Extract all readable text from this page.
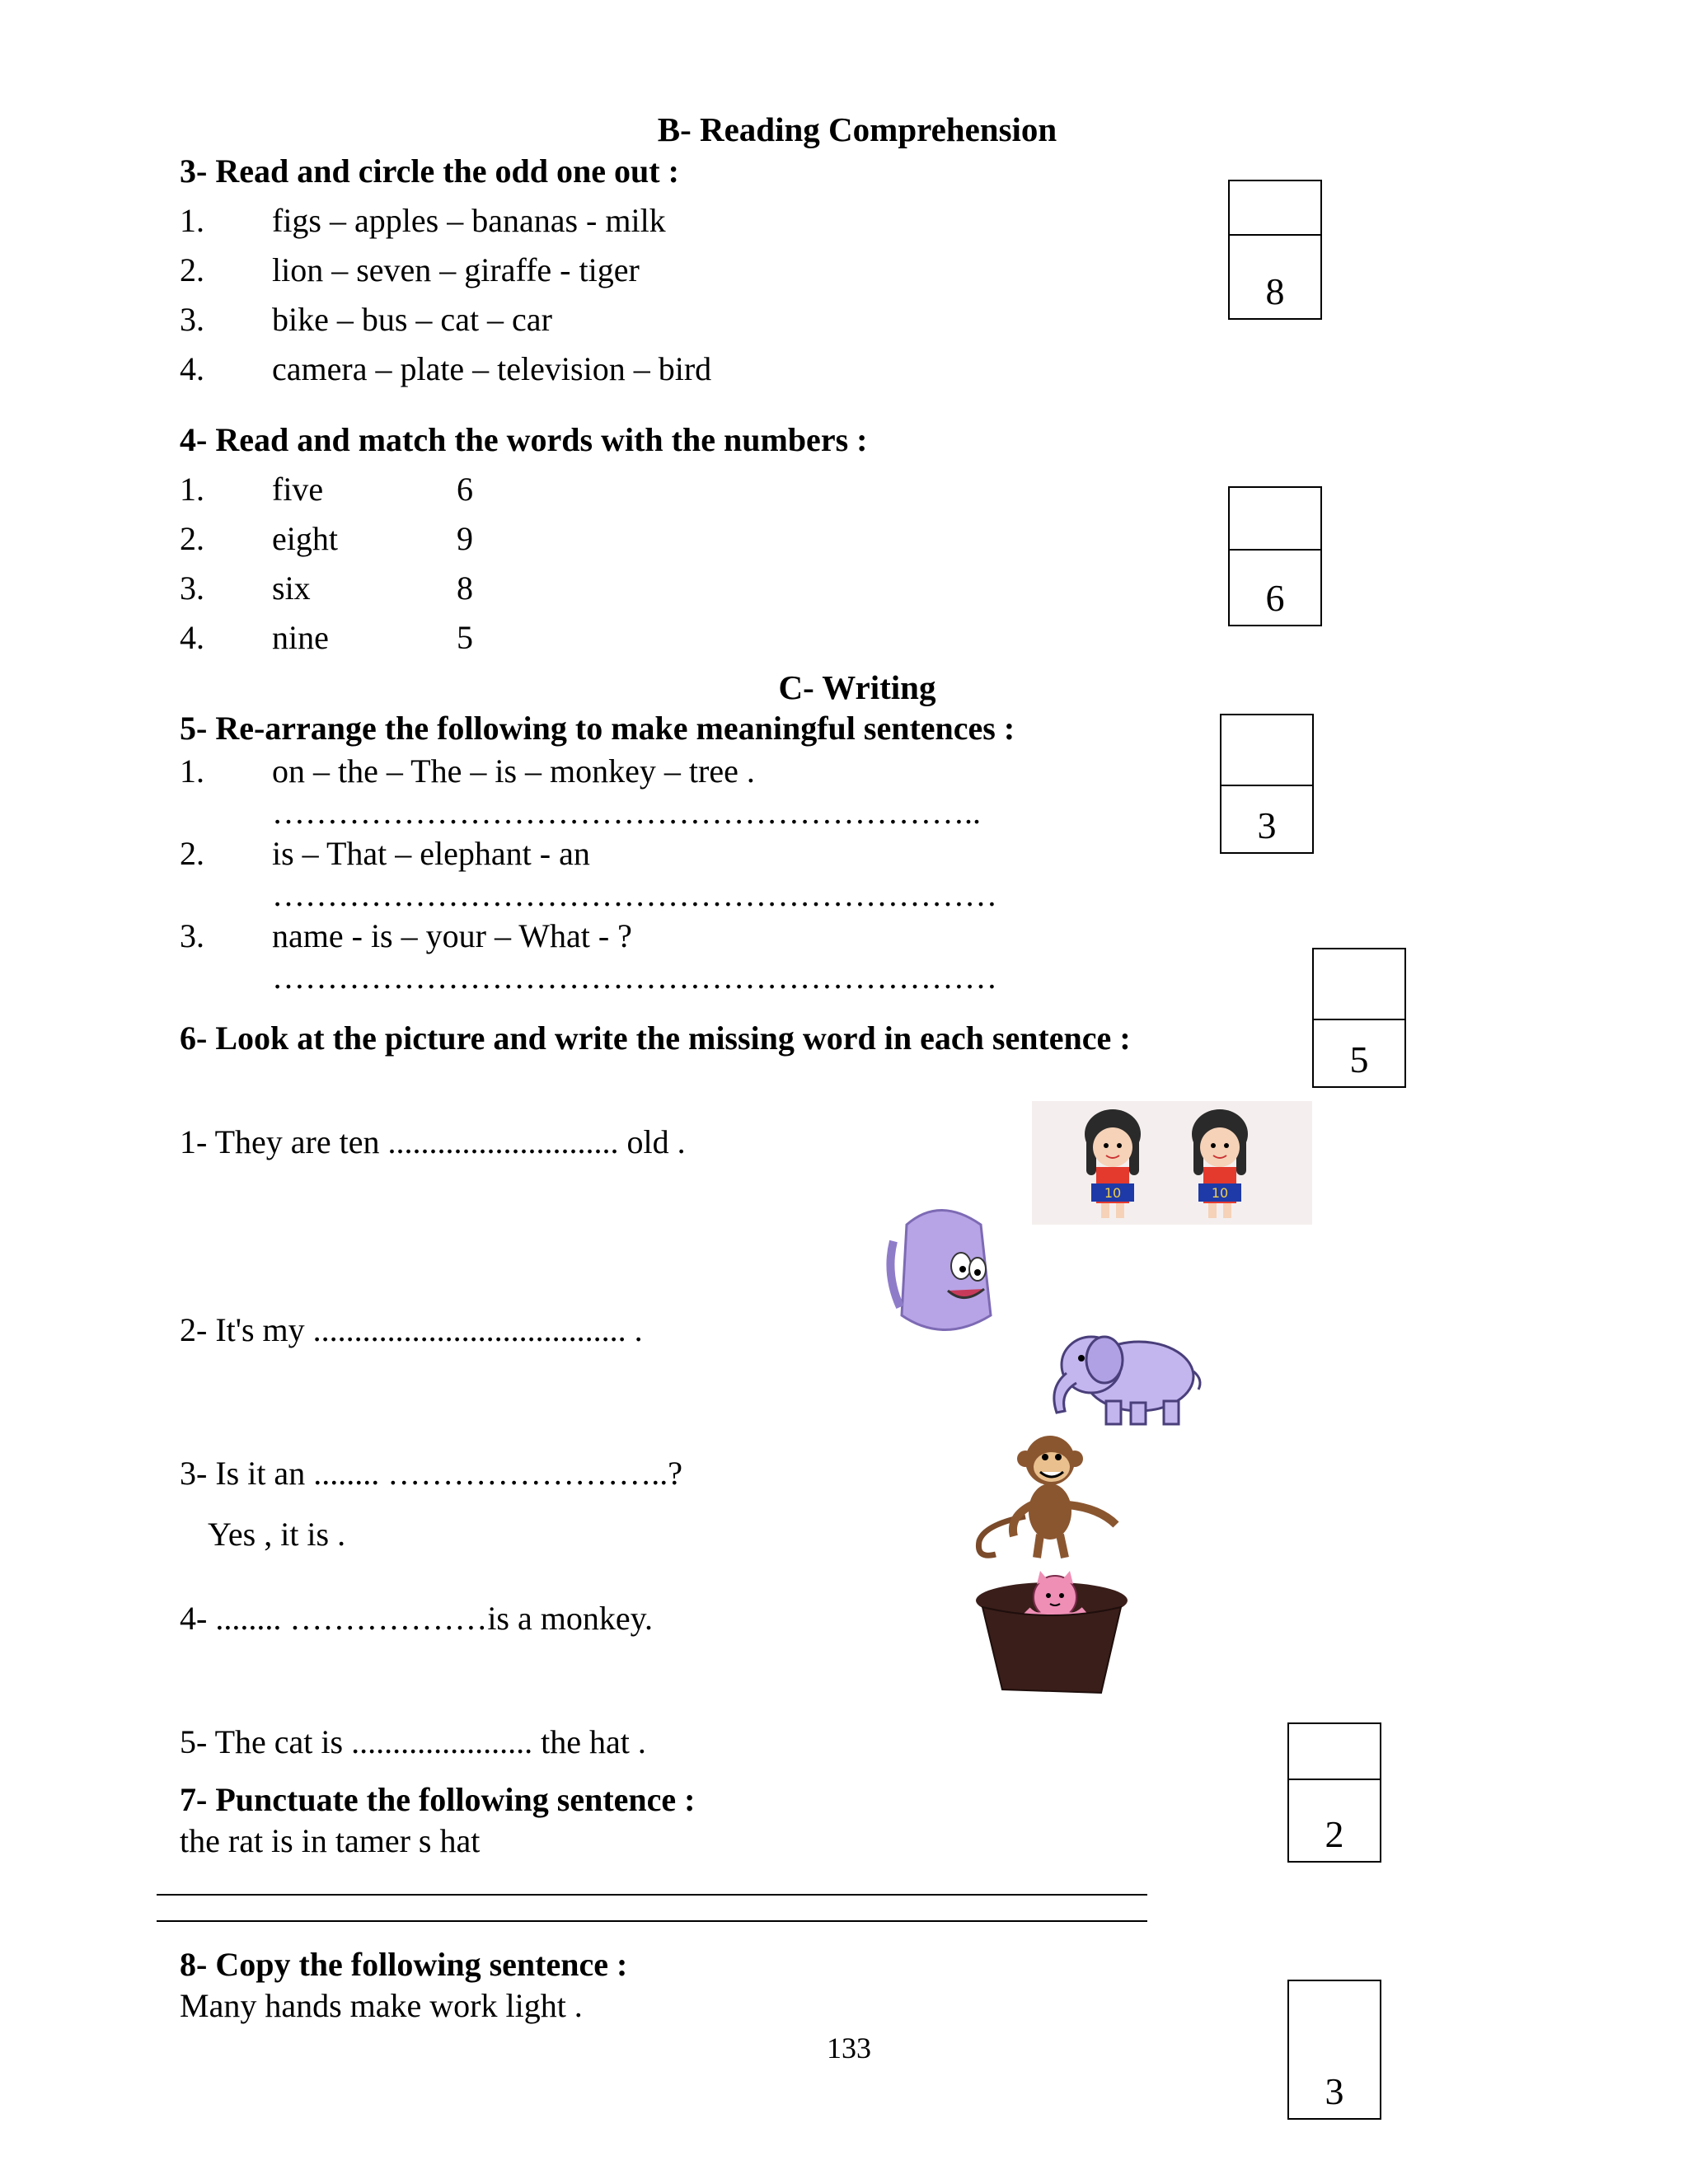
B- Reading Comprehension
3- Read and circle the odd one out :
1. figs – apples – bananas - milk
2. lion – seven – giraffe - tiger
3. bike – bus – cat – car
4. camera – plate – television – bird
8
4- Read and match the words with the numbers :
1. five	6
2. eight	9
3. six	8
4. nine	5
6
C- Writing
5- Re-arrange the following to make meaningful sentences :
1. on – the – The – is – monkey – tree .
………………………………………………………..
2. is – That – elephant - an
…………………………………………………………
3. name - is – your – What - ?
…………………………………………………………
3
5
6- Look at the picture and write the missing word in each sentence :
1- They are ten ............................ old .
2- It's my ...................................... .
3- Is it an ........ ……………………..?
Yes , it is .
4- ........ ………………is a monkey.
5- The cat is ...................... the hat .
10	10
7- Punctuate the following sentence :
the rat is in tamer s hat	2
8- Copy the following sentence :
Many hands make work light .
3
133
